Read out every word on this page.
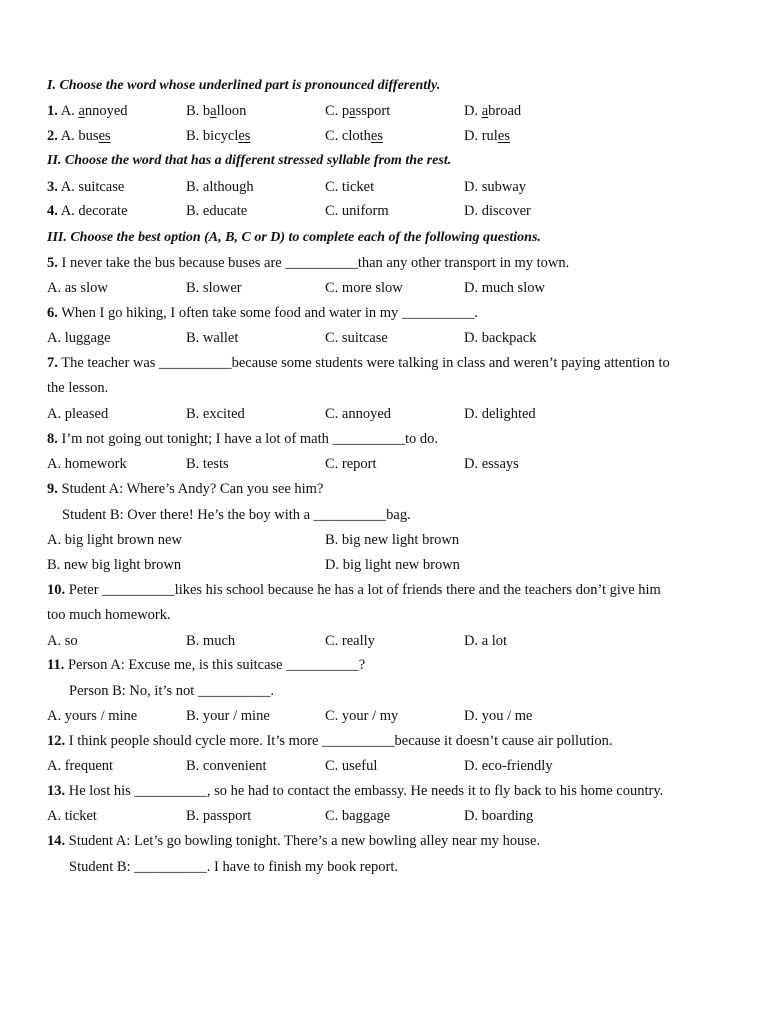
I. Choose the word whose underlined part is pronounced differently.
1. A. annoyed	B. balloon	C. passport	D. abroad
2. A. buses	B. bicycles	C. clothes	D. rules
II. Choose the word that has a different stressed syllable from the rest.
3. A. suitcase	B. although	C. ticket	D. subway
4. A. decorate	B. educate	C. uniform	D. discover
III. Choose the best option (A, B, C or D) to complete each of the following questions.
5. I never take the bus because buses are __________than any other transport in my town.
A. as slow	B. slower	C. more slow	D. much slow
6. When I go hiking, I often take some food and water in my __________.
A. luggage	B. wallet	C. suitcase	D. backpack
7. The teacher was __________because some students were talking in class and weren’t paying attention to
the lesson.
A. pleased	B. excited	C. annoyed	D. delighted
8. I’m not going out tonight; I have a lot of math __________to do.
A. homework	B. tests	C. report	D. essays
9. Student A: Where’s Andy? Can you see him?
Student B: Over there! He’s the boy with a __________bag.
A. big light brown new	B. big new light brown
B. new big light brown	D. big light new brown
10. Peter __________likes his school because he has a lot of friends there and the teachers don’t give him
too much homework.
A. so	B. much	C. really	D. a lot
11. Person A: Excuse me, is this suitcase __________?
Person B: No, it’s not __________.
A. yours / mine	B. your / mine	C. your / my	D. you / me
12. I think people should cycle more. It’s more __________because it doesn’t cause air pollution.
A. frequent	B. convenient	C. useful	D. eco-friendly
13. He lost his __________, so he had to contact the embassy. He needs it to fly back to his home country.
A. ticket	B. passport	C. baggage	D. boarding
14. Student A: Let’s go bowling tonight. There’s a new bowling alley near my house.
Student B: __________. I have to finish my book report.
